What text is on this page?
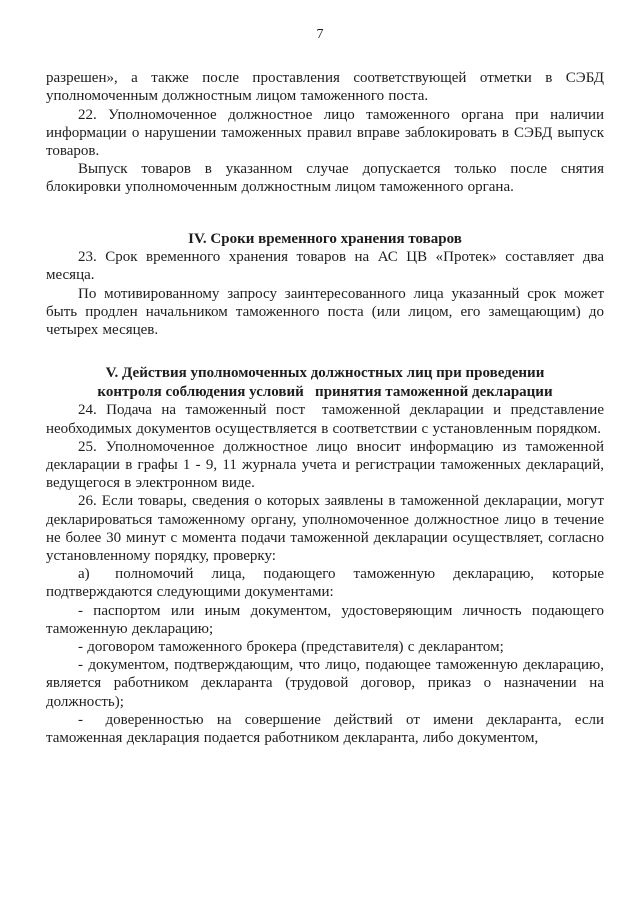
7

разрешен», а также после проставления соответствующей отметки в СЭБД уполномоченным должностным лицом таможенного поста.

22. Уполномоченное должностное лицо таможенного органа при наличии информации о нарушении таможенных правил вправе заблокировать в СЭБД выпуск товаров.

Выпуск товаров в указанном случае допускается только после снятия блокировки уполномоченным должностным лицом таможенного органа.

IV. Сроки временного хранения товаров

23. Срок временного хранения товаров на АС ЦВ «Протек» составляет два месяца.

По мотивированному запросу заинтересованного лица указанный срок может быть продлен начальником таможенного поста (или лицом, его замещающим) до четырех месяцев.

V. Действия уполномоченных должностных лиц при проведении
контроля соблюдения условий  принятия таможенной декларации

24. Подача на таможенный пост  таможенной декларации и представление необходимых документов осуществляется в соответствии с установленным порядком.

25. Уполномоченное должностное лицо вносит информацию из таможенной декларации в графы 1 - 9, 11 журнала учета и регистрации таможенных деклараций, ведущегося в электронном виде.

26. Если товары, сведения о которых заявлены в таможенной декларации, могут декларироваться таможенному органу, уполномоченное должностное лицо в течение не более 30 минут с момента подачи таможенной декларации осуществляет, согласно установленному порядку, проверку:

а)  полномочий лица, подающего таможенную декларацию, которые подтверждаются следующими документами:

- паспортом или иным документом, удостоверяющим личность подающего таможенную декларацию;

- договором таможенного брокера (представителя) с декларантом;

- документом, подтверждающим, что лицо, подающее таможенную декларацию, является работником декларанта (трудовой договор, приказ о назначении на должность);

-   доверенностью на совершение действий от имени декларанта, если таможенная декларация подается работником декларанта, либо документом,
